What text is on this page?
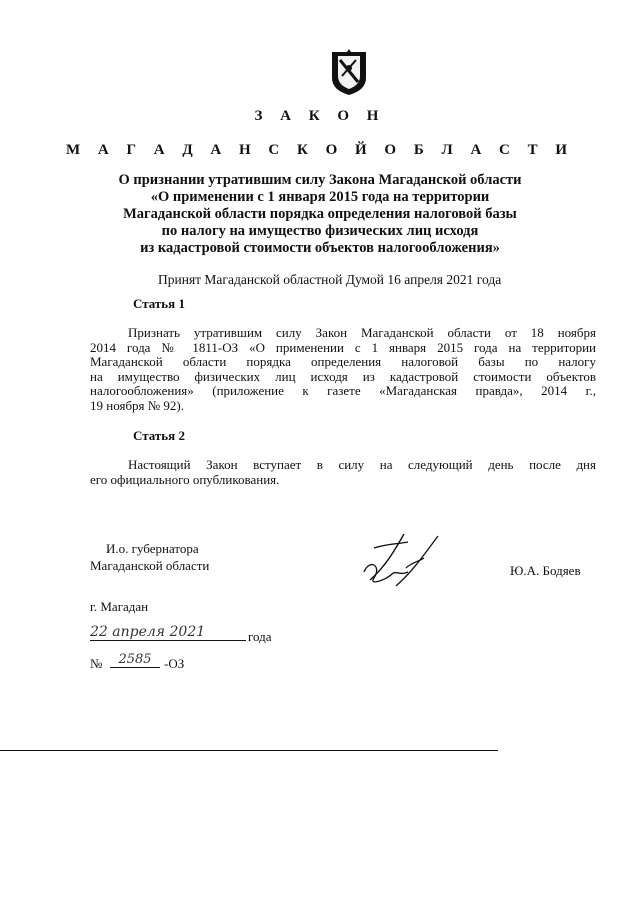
З А К О Н
М А Г А Д А Н С К О Й О Б Л А С Т И
О признании утратившим силу Закона Магаданской области
«О применении с 1 января 2015 года на территории
Магаданской области порядка определения налоговой базы
по налогу на имущество физических лиц исходя
из кадастровой стоимости объектов налогообложения»
Принят Магаданской областной Думой 16 апреля 2021 года
Статья 1
Признать утратившим силу Закон Магаданской области от 18 ноября
2014 года № 1811-ОЗ «О применении с 1 января 2015 года на территории
Магаданской области порядка определения налоговой базы по налогу
на имущество физических лиц исходя из кадастровой стоимости объектов
налогообложения» (приложение к газете «Магаданская правда», 2014 г.,
19 ноября № 92).
Статья 2
Настоящий Закон вступает в силу на следующий день после дня
его официального опубликования.
И.о. губернатора
Магаданской области	Ю.А. Бодяев
г. Магадан
22 апреля 2021	года
№	2585 -ОЗ
